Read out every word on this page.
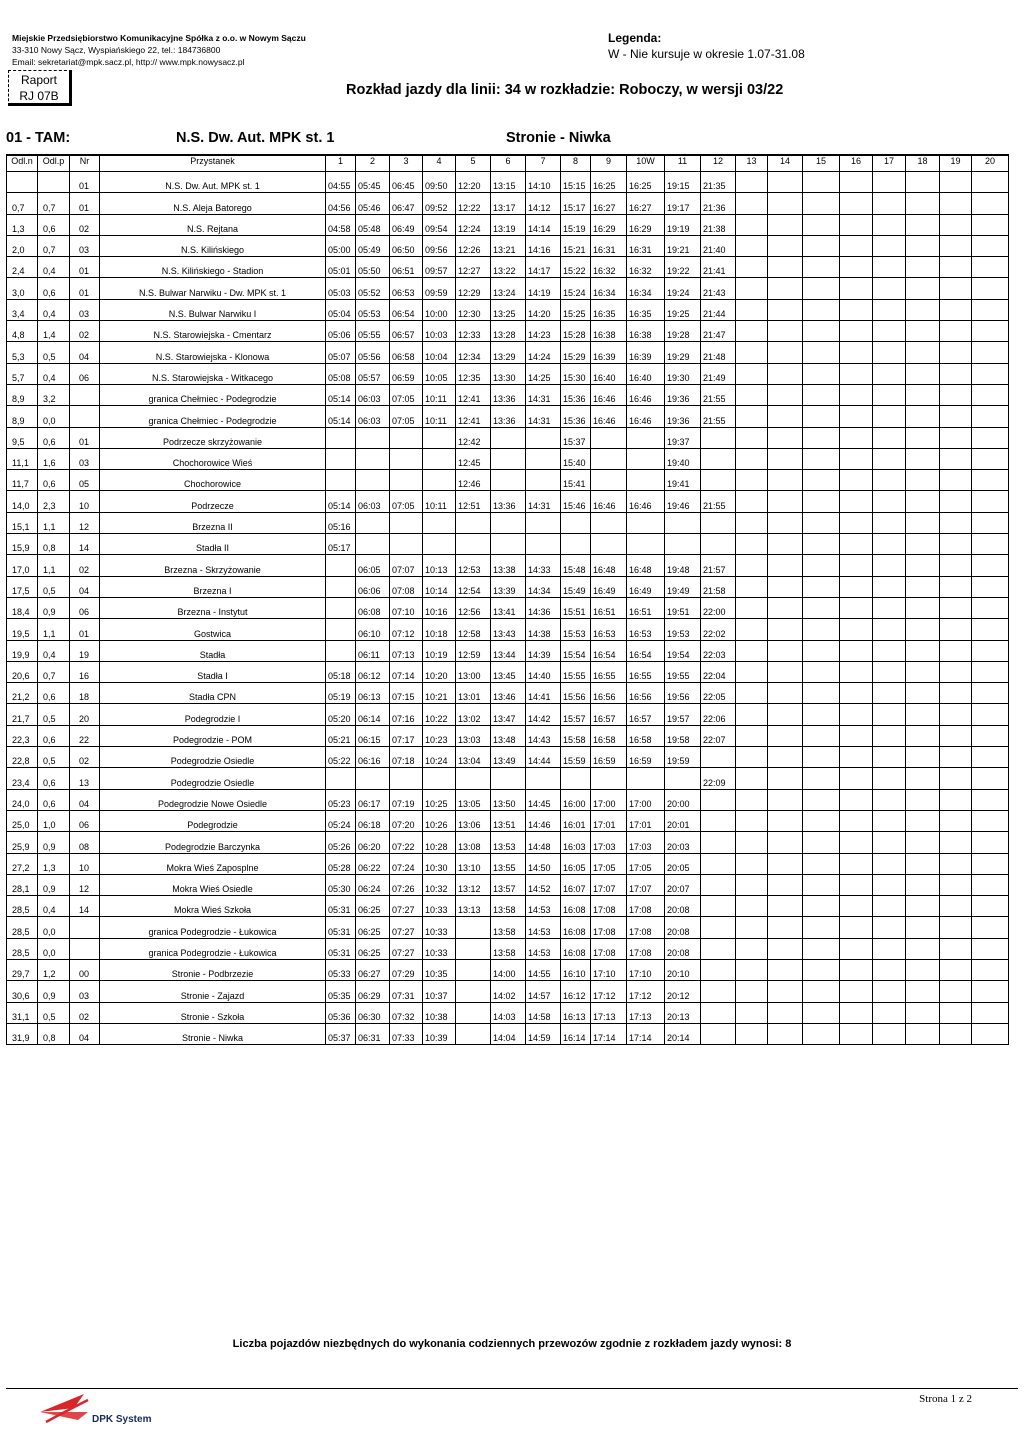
Miejskie Przedsiębiorstwo Komunikacyjne Spółka z o.o. w Nowym Sączu
33-310 Nowy Sącz, Wyspiańskiego 22, tel.: 184736800
Email: sekretariat@mpk.sacz.pl, http:// www.mpk.nowysacz.pl
Legenda:
W - Nie kursuje w okresie 1.07-31.08
Raport
RJ 07B	Rozkład jazdy dla linii: 34 w rozkładzie: Roboczy, w wersji 03/22
01 - TAM:	N.S. Dw. Aut. MPK st. 1	Stronie - Niwka
Odl.n	Odl.p	Nr	Przystanek	1	2	3	4	5	6	7	8	9	10W	11	12	13	14	15	16	17	18	19	20
		01	N.S. Dw. Aut. MPK st. 1	04:55	05:45	06:45	09:50	12:20	13:15	14:10	15:15	16:25	16:25	19:15	21:35								
0,7	0,7	01	N.S. Aleja Batorego	04:56	05:46	06:47	09:52	12:22	13:17	14:12	15:17	16:27	16:27	19:17	21:36								
1,3	0,6	02	N.S. Rejtana	04:58	05:48	06:49	09:54	12:24	13:19	14:14	15:19	16:29	16:29	19:19	21:38								
2,0	0,7	03	N.S. Kilińskiego	05:00	05:49	06:50	09:56	12:26	13:21	14:16	15:21	16:31	16:31	19:21	21:40								
2,4	0,4	01	N.S. Kilińskiego - Stadion	05:01	05:50	06:51	09:57	12:27	13:22	14:17	15:22	16:32	16:32	19:22	21:41								
3,0	0,6	01	N.S. Bulwar Narwiku - Dw. MPK st. 1	05:03	05:52	06:53	09:59	12:29	13:24	14:19	15:24	16:34	16:34	19:24	21:43								
3,4	0,4	03	N.S. Bulwar Narwiku I	05:04	05:53	06:54	10:00	12:30	13:25	14:20	15:25	16:35	16:35	19:25	21:44								
4,8	1,4	02	N.S. Starowiejska - Cmentarz	05:06	05:55	06:57	10:03	12:33	13:28	14:23	15:28	16:38	16:38	19:28	21:47								
5,3	0,5	04	N.S. Starowiejska - Klonowa	05:07	05:56	06:58	10:04	12:34	13:29	14:24	15:29	16:39	16:39	19:29	21:48								
5,7	0,4	06	N.S. Starowiejska - Witkacego	05:08	05:57	06:59	10:05	12:35	13:30	14:25	15:30	16:40	16:40	19:30	21:49								
8,9	3,2		granica Chełmiec - Podegrodzie	05:14	06:03	07:05	10:11	12:41	13:36	14:31	15:36	16:46	16:46	19:36	21:55								
8,9	0,0		granica Chełmiec - Podegrodzie	05:14	06:03	07:05	10:11	12:41	13:36	14:31	15:36	16:46	16:46	19:36	21:55								
9,5	0,6	01	Podrzecze skrzyżowanie					12:42			15:37			19:37									
11,1	1,6	03	Chochorowice Wieś					12:45			15:40			19:40									
11,7	0,6	05	Chochorowice					12:46			15:41			19:41									
14,0	2,3	10	Podrzecze	05:14	06:03	07:05	10:11	12:51	13:36	14:31	15:46	16:46	16:46	19:46	21:55								
15,1	1,1	12	Brzezna II	05:16																			
15,9	0,8	14	Stadła II	05:17																			
17,0	1,1	02	Brzezna - Skrzyżowanie		06:05	07:07	10:13	12:53	13:38	14:33	15:48	16:48	16:48	19:48	21:57								
17,5	0,5	04	Brzezna I		06:06	07:08	10:14	12:54	13:39	14:34	15:49	16:49	16:49	19:49	21:58								
18,4	0,9	06	Brzezna - Instytut		06:08	07:10	10:16	12:56	13:41	14:36	15:51	16:51	16:51	19:51	22:00								
19,5	1,1	01	Gostwica		06:10	07:12	10:18	12:58	13:43	14:38	15:53	16:53	16:53	19:53	22:02								
19,9	0,4	19	Stadła		06:11	07:13	10:19	12:59	13:44	14:39	15:54	16:54	16:54	19:54	22:03								
20,6	0,7	16	Stadła I	05:18	06:12	07:14	10:20	13:00	13:45	14:40	15:55	16:55	16:55	19:55	22:04								
21,2	0,6	18	Stadła CPN	05:19	06:13	07:15	10:21	13:01	13:46	14:41	15:56	16:56	16:56	19:56	22:05								
21,7	0,5	20	Podegrodzie I	05:20	06:14	07:16	10:22	13:02	13:47	14:42	15:57	16:57	16:57	19:57	22:06								
22,3	0,6	22	Podegrodzie - POM	05:21	06:15	07:17	10:23	13:03	13:48	14:43	15:58	16:58	16:58	19:58	22:07								
22,8	0,5	02	Podegrodzie Osiedle	05:22	06:16	07:18	10:24	13:04	13:49	14:44	15:59	16:59	16:59	19:59									
23,4	0,6	13	Podegrodzie Osiedle												22:09								
24,0	0,6	04	Podegrodzie Nowe Osiedle	05:23	06:17	07:19	10:25	13:05	13:50	14:45	16:00	17:00	17:00	20:00									
25,0	1,0	06	Podegrodzie	05:24	06:18	07:20	10:26	13:06	13:51	14:46	16:01	17:01	17:01	20:01									
25,9	0,9	08	Podegrodzie Barczynka	05:26	06:20	07:22	10:28	13:08	13:53	14:48	16:03	17:03	17:03	20:03									
27,2	1,3	10	Mokra Wieś Zaposplne	05:28	06:22	07:24	10:30	13:10	13:55	14:50	16:05	17:05	17:05	20:05									
28,1	0,9	12	Mokra Wieś Osiedle	05:30	06:24	07:26	10:32	13:12	13:57	14:52	16:07	17:07	17:07	20:07									
28,5	0,4	14	Mokra Wieś Szkoła	05:31	06:25	07:27	10:33	13:13	13:58	14:53	16:08	17:08	17:08	20:08									
28,5	0,0		granica Podegrodzie - Łukowica	05:31	06:25	07:27	10:33		13:58	14:53	16:08	17:08	17:08	20:08									
28,5	0,0		granica Podegrodzie - Łukowica	05:31	06:25	07:27	10:33		13:58	14:53	16:08	17:08	17:08	20:08									
29,7	1,2	00	Stronie - Podbrzezie	05:33	06:27	07:29	10:35		14:00	14:55	16:10	17:10	17:10	20:10									
30,6	0,9	03	Stronie - Zajazd	05:35	06:29	07:31	10:37		14:02	14:57	16:12	17:12	17:12	20:12									
31,1	0,5	02	Stronie - Szkoła	05:36	06:30	07:32	10:38		14:03	14:58	16:13	17:13	17:13	20:13									
31,9	0,8	04	Stronie - Niwka	05:37	06:31	07:33	10:39		14:04	14:59	16:14	17:14	17:14	20:14									
Liczba pojazdów niezbędnych do wykonania codziennych przewozów zgodnie z rozkładem jazdy wynosi: 8
DPK System
Strona 1 z 2
